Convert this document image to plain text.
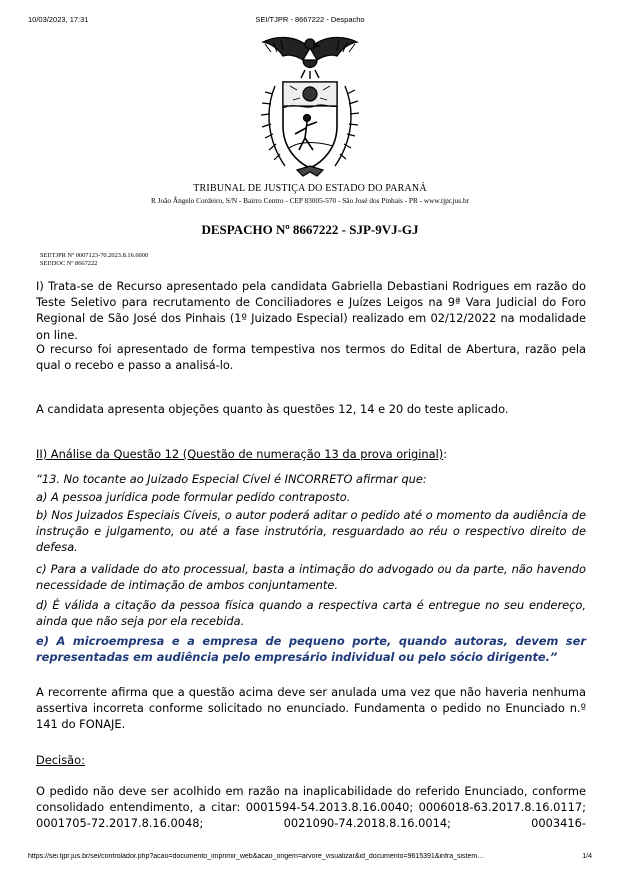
10/03/2023, 17:31	SEI/TJPR - 8667222 - Despacho
TRIBUNAL DE JUSTIÇA DO ESTADO DO PARANÁ
R João Ângelo Cordeiro, S/N - Bairro Centro - CEP 83005-570 - São José dos Pinhais - PR - www.tjpr.jus.br
DESPACHO Nº 8667222 - SJP-9VJ-GJ
SEI!TJPR Nº 0007123-70.2023.8.16.6000
SEI!DOC Nº 8667222

I) Trata-se de Recurso apresentado pela candidata Gabriella Debastiani Rodrigues em razão do Teste Seletivo para recrutamento de Conciliadores e Juízes Leigos na 9ª Vara Judicial do Foro Regional de São José dos Pinhais (1º Juizado Especial) realizado em 02/12/2022 na modalidade on line.

O recurso foi apresentado de forma tempestiva nos termos do Edital de Abertura, razão pela qual o recebo e passo a analisá-lo.

A candidata apresenta objeções quanto às questões 12, 14 e 20 do teste aplicado.

II) Análise da Questão 12 (Questão de numeração 13 da prova original):

“13. No tocante ao Juizado Especial Cível é INCORRETO afirmar que:

a) A pessoa jurídica pode formular pedido contraposto.

b) Nos Juizados Especiais Cíveis, o autor poderá aditar o pedido até o momento da audiência de instrução e julgamento, ou até a fase instrutória, resguardado ao réu o respectivo direito de defesa.

c) Para a validade do ato processual, basta a intimação do advogado ou da parte, não havendo necessidade de intimação de ambos conjuntamente.

d) É válida a citação da pessoa física quando a respectiva carta é entregue no seu endereço, ainda que não seja por ela recebida.

e) A microempresa e a empresa de pequeno porte, quando autoras, devem ser representadas em audiência pelo empresário individual ou pelo sócio dirigente.”

A recorrente afirma que a questão acima deve ser anulada uma vez que não haveria nenhuma assertiva incorreta conforme solicitado no enunciado. Fundamenta o pedido no Enunciado n.º 141 do FONAJE.

Decisão:

O pedido não deve ser acolhido em razão na inaplicabilidade do referido Enunciado, conforme consolidado entendimento, a citar: 0001594-54.2013.8.16.0040; 0006018-63.2017.8.16.0117; 0001705-72.2017.8.16.0048; 0021090-74.2018.8.16.0014; 0003416-

https://sei.tjpr.jus.br/sei/controlador.php?acao=documento_imprimir_web&acao_origem=arvore_visualizar&id_documento=9615391&infra_sistem…	1/4
